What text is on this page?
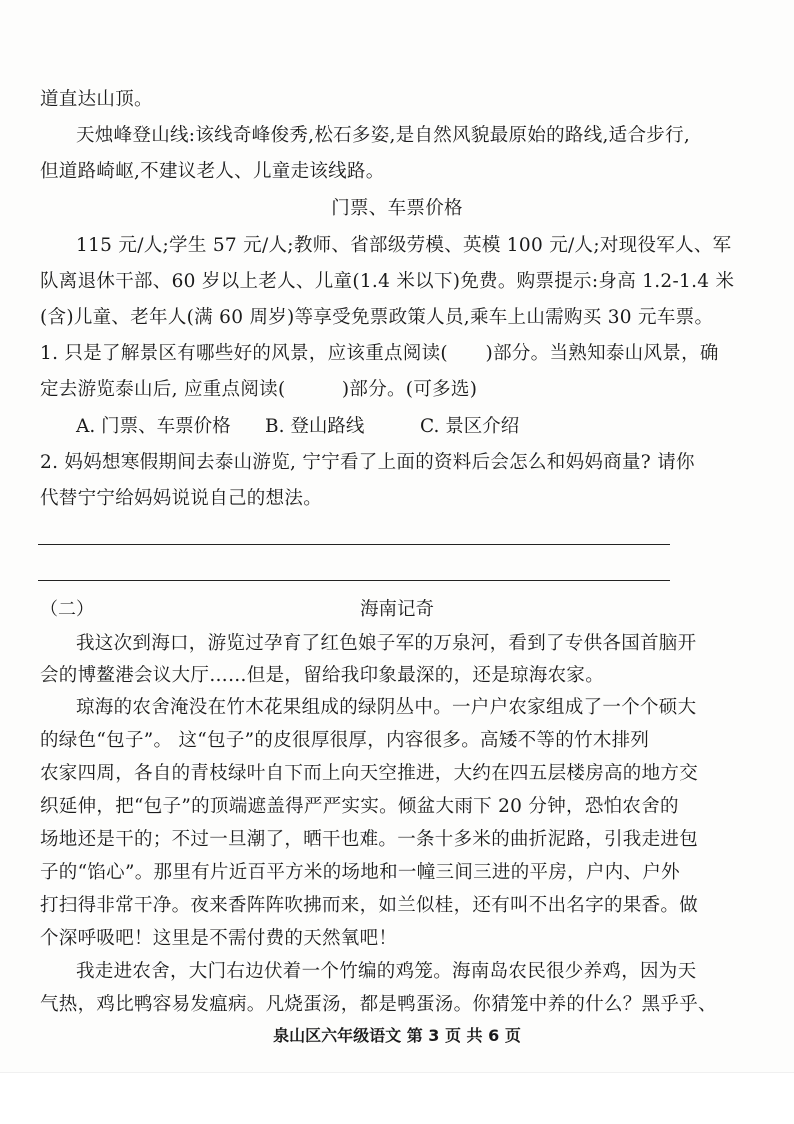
道直达山顶。
天烛峰登山线:该线奇峰俊秀,松石多姿,是自然风貌最原始的路线,适合步行,
但道路崎岖,不建议老人、儿童走该线路。
门票、车票价格
115 元/人;学生 57 元/人;教师、省部级劳模、英模 100 元/人;对现役军人、军
队离退休干部、60 岁以上老人、儿童(1.4 米以下)免费。购票提示:身高 1.2-1.4 米
(含)儿童、老年人(满 60 周岁)等享受免票政策人员,乘车上山需购买 30 元车票。
1. 只是了解景区有哪些好的风景，应该重点阅读(　　)部分。当熟知泰山风景，确
定去游览泰山后, 应重点阅读(　　　)部分。(可多选)
A. 门票、车票价格 B. 登山路线	C. 景区介绍
2. 妈妈想寒假期间去泰山游览, 宁宁看了上面的资料后会怎么和妈妈商量? 请你
代替宁宁给妈妈说说自己的想法。
（二）	海南记奇
我这次到海口，游览过孕育了红色娘子军的万泉河，看到了专供各国首脑开
会的博鳌港会议大厅……但是，留给我印象最深的，还是琼海农家。
琼海的农舍淹没在竹木花果组成的绿阴丛中。一户户农家组成了一个个硕大
的绿色“包子”。 这“包子”的皮很厚很厚，内容很多。高矮不等的竹木排列
农家四周，各自的青枝绿叶自下而上向天空推进，大约在四五层楼房高的地方交
织延伸，把“包子”的顶端遮盖得严严实实。倾盆大雨下 20 分钟，恐怕农舍的
场地还是干的；不过一旦潮了，晒干也难。一条十多米的曲折泥路，引我走进包
子的“馅心”。那里有片近百平方米的场地和一幢三间三进的平房，户内、户外
打扫得非常干净。夜来香阵阵吹拂而来，如兰似桂，还有叫不出名字的果香。做
个深呼吸吧！这里是不需付费的天然氧吧！
我走进农舍，大门右边伏着一个竹编的鸡笼。海南岛农民很少养鸡，因为天
气热，鸡比鸭容易发瘟病。凡烧蛋汤，都是鸭蛋汤。你猜笼中养的什么？黑乎乎、
泉山区六年级语文 第 3 页 共 6 页
